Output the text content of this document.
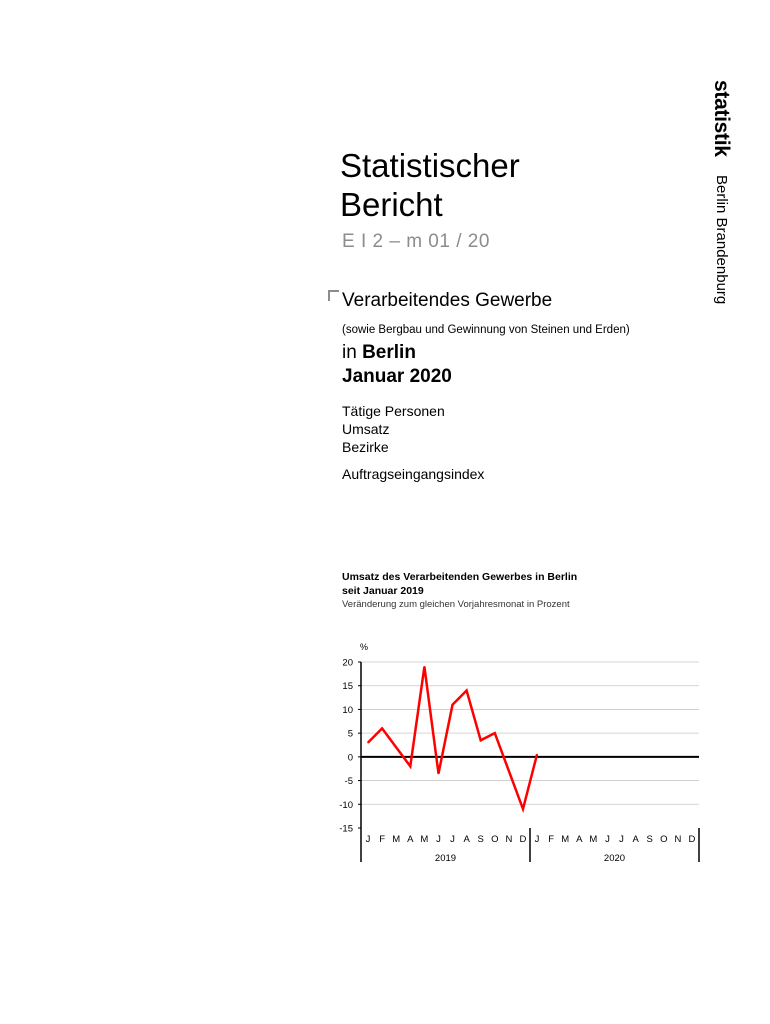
statistik Berlin Brandenburg
Statistischer
Bericht
E I 2 – m 01 / 20
Verarbeitendes Gewerbe
(sowie Bergbau und Gewinnung von Steinen und Erden)
in Berlin
Januar 2020
Tätige Personen
Umsatz
Bezirke
Auftragseingangsindex
Umsatz des Verarbeitenden Gewerbes in Berlin
seit Januar 2019
Veränderung zum gleichen Vorjahresmonat in Prozent
%
20
15
10
5
0
-5
-10
-15
J F M A M J J A S O N D J F M A M J J A S O N D
2019	2020
